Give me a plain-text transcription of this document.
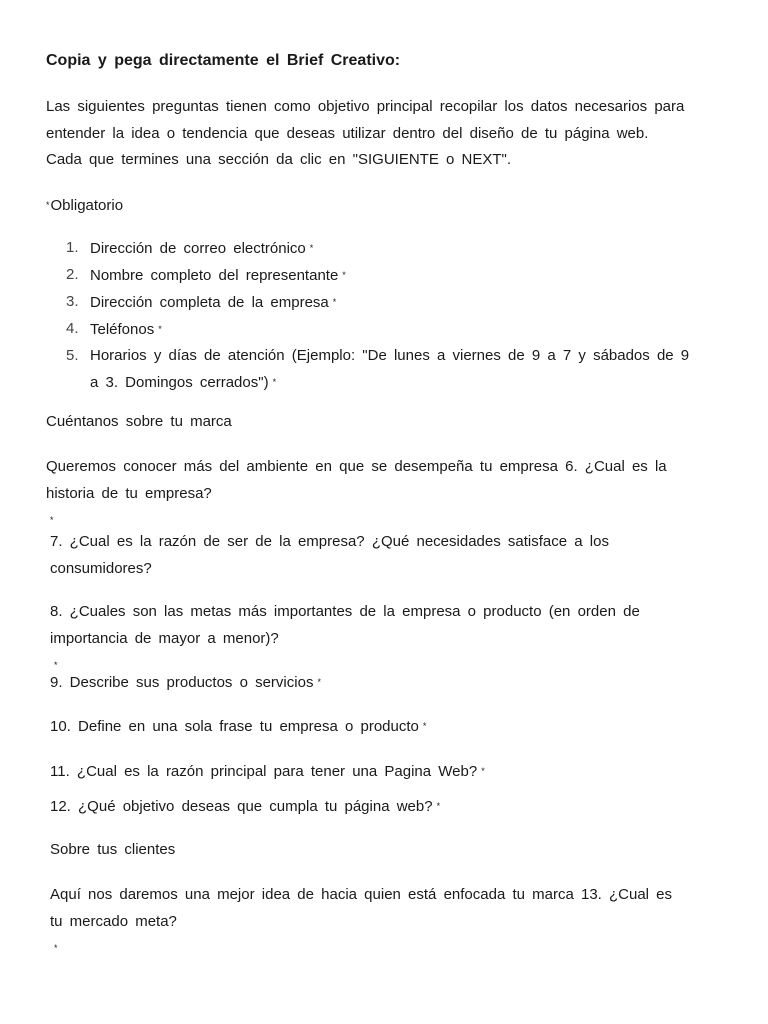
Copia y pega directamente el Brief Creativo:

Las siguientes preguntas tienen como objetivo principal recopilar los datos necesarios para
entender la idea o tendencia que deseas utilizar dentro del diseño de tu página web.
Cada que termines una sección da clic en "SIGUIENTE o NEXT".

*Obligatorio

1. Dirección de correo electrónico *
2. Nombre completo del representante *
3. Dirección completa de la empresa *
4. Teléfonos *
5. Horarios y días de atención (Ejemplo: "De lunes a viernes de 9 a 7 y sábados de 9
a 3. Domingos cerrados") *

Cuéntanos sobre tu marca

Queremos conocer más del ambiente en que se desempeña tu empresa 6. ¿Cual es la
historia de tu empresa?
*

7. ¿Cual es la razón de ser de la empresa? ¿Qué necesidades satisface a los
consumidores?

8. ¿Cuales son las metas más importantes de la empresa o producto (en orden de
importancia de mayor a menor)?
*

9. Describe sus productos o servicios *

10. Define en una sola frase tu empresa o producto *

11. ¿Cual es la razón principal para tener una Pagina Web? *

12. ¿Qué objetivo deseas que cumpla tu página web? *

Sobre tus clientes

Aquí nos daremos una mejor idea de hacia quien está enfocada tu marca 13. ¿Cual es
tu mercado meta?
*
